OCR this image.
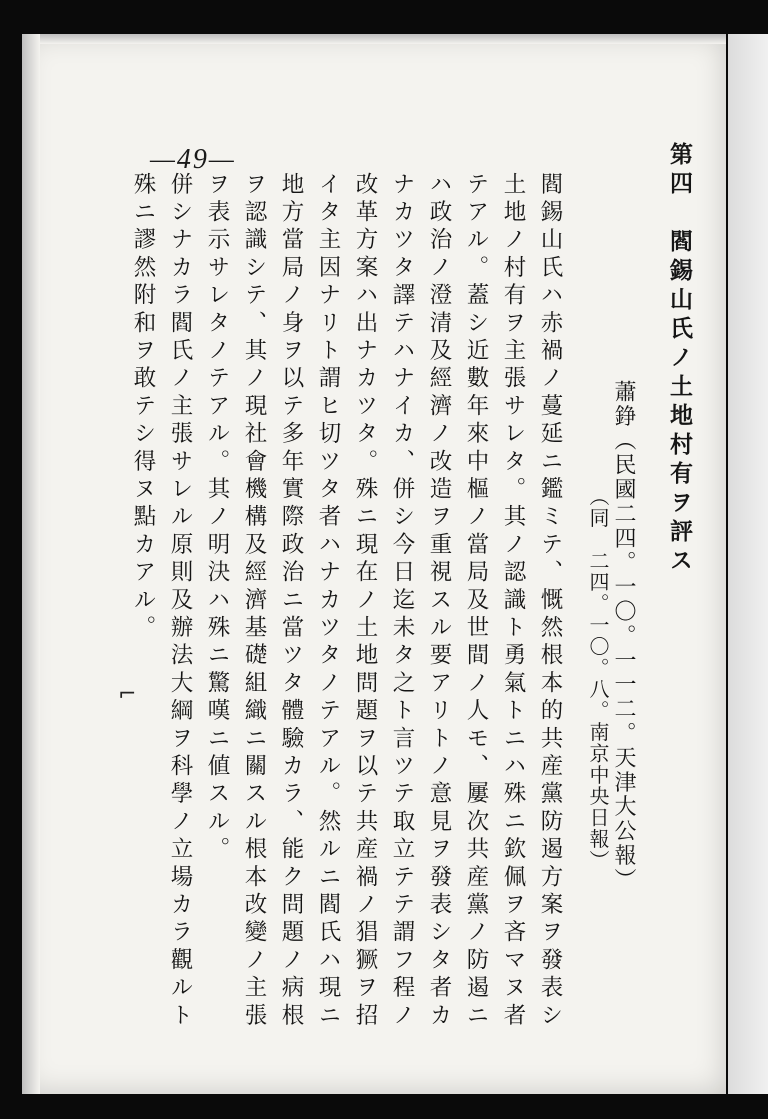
—49—	第四　閻錫山氏ノ土地村有ヲ評ス
蕭錚（民國二四。一〇。一一二。天津大公報）
（同　二四。一〇。八。南京中央日報）
閻錫山氏ハ赤禍ノ蔓延ニ鑑ミテ、慨然根本的共産黨防遏方案ヲ發表シ
土地ノ村有ヲ主張サレタ。其ノ認識ト勇氣トニハ殊ニ欽佩ヲ吝マヌ者
テアル。蓋シ近數年來中樞ノ當局及世間ノ人モ、屢次共産黨ノ防遏ニ
ハ政治ノ澄清及經濟ノ改造ヲ重視スル要アリトノ意見ヲ發表シタ者カ
ナカツタ譯テハナイカ、併シ今日迄未タ之ト言ツテ取立テテ謂フ程ノ
改革方案ハ出ナカツタ。殊ニ現在ノ土地問題ヲ以テ共産禍ノ猖獗ヲ招
イタ主因ナリト謂ヒ切ツタ者ハナカツタノテアル。然ルニ閻氏ハ現ニ
地方當局ノ身ヲ以テ多年實際政治ニ當ツタ體驗カラ、能ク問題ノ病根
ヲ認識シテ、其ノ現社會機構及經濟基礎組織ニ關スル根本改變ノ主張
ヲ表示サレタノテアル。其ノ明決ハ殊ニ驚嘆ニ値スル。
併シナカラ閻氏ノ主張サレル原則及辦法大綱ヲ科學ノ立場カラ觀ルト
殊ニ謬然附和ヲ敢テシ得ヌ點カアル。
⌐
